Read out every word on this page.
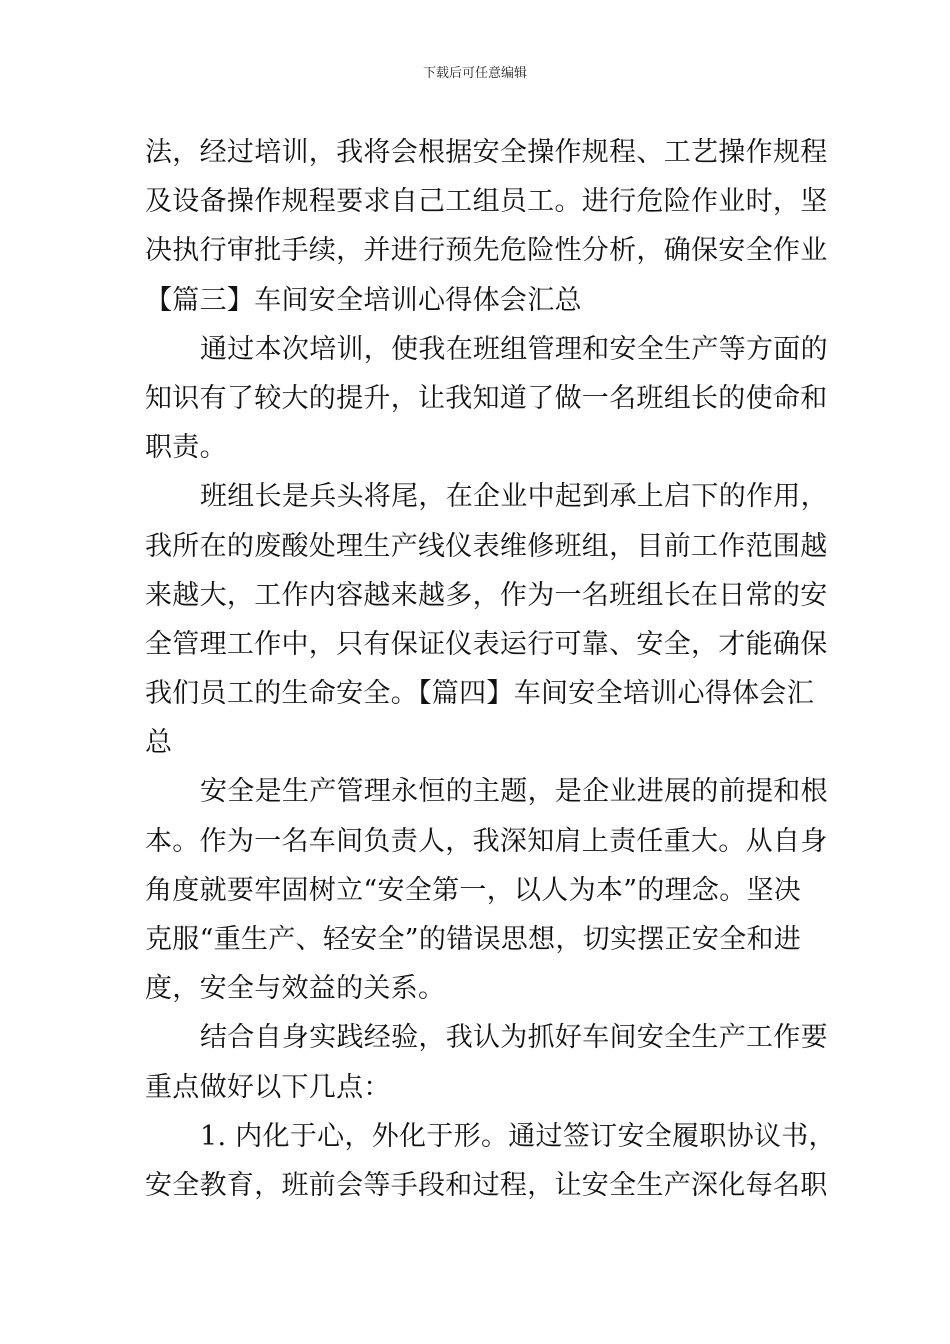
下载后可任意编辑
法，经过培训，我将会根据安全操作规程、工艺操作规程
及设备操作规程要求自己工组员工。进行危险作业时，坚
决执行审批手续，并进行预先危险性分析，确保安全作业
【篇三】车间安全培训心得体会汇总
通过本次培训，使我在班组管理和安全生产等方面的
知识有了较大的提升，让我知道了做一名班组长的使命和
职责。
班组长是兵头将尾，在企业中起到承上启下的作用，
我所在的废酸处理生产线仪表维修班组，目前工作范围越
来越大，工作内容越来越多，作为一名班组长在日常的安
全管理工作中，只有保证仪表运行可靠、安全，才能确保
我们员工的生命安全。【篇四】车间安全培训心得体会汇
总
安全是生产管理永恒的主题，是企业进展的前提和根
本。作为一名车间负责人，我深知肩上责任重大。从自身
角度就要牢固树立“安全第一，以人为本”的理念。坚决
克服“重生产、轻安全”的错误思想，切实摆正安全和进
度，安全与效益的关系。
结合自身实践经验，我认为抓好车间安全生产工作要
重点做好以下几点：
1. 内化于心，外化于形。通过签订安全履职协议书，
安全教育，班前会等手段和过程，让安全生产深化每名职
